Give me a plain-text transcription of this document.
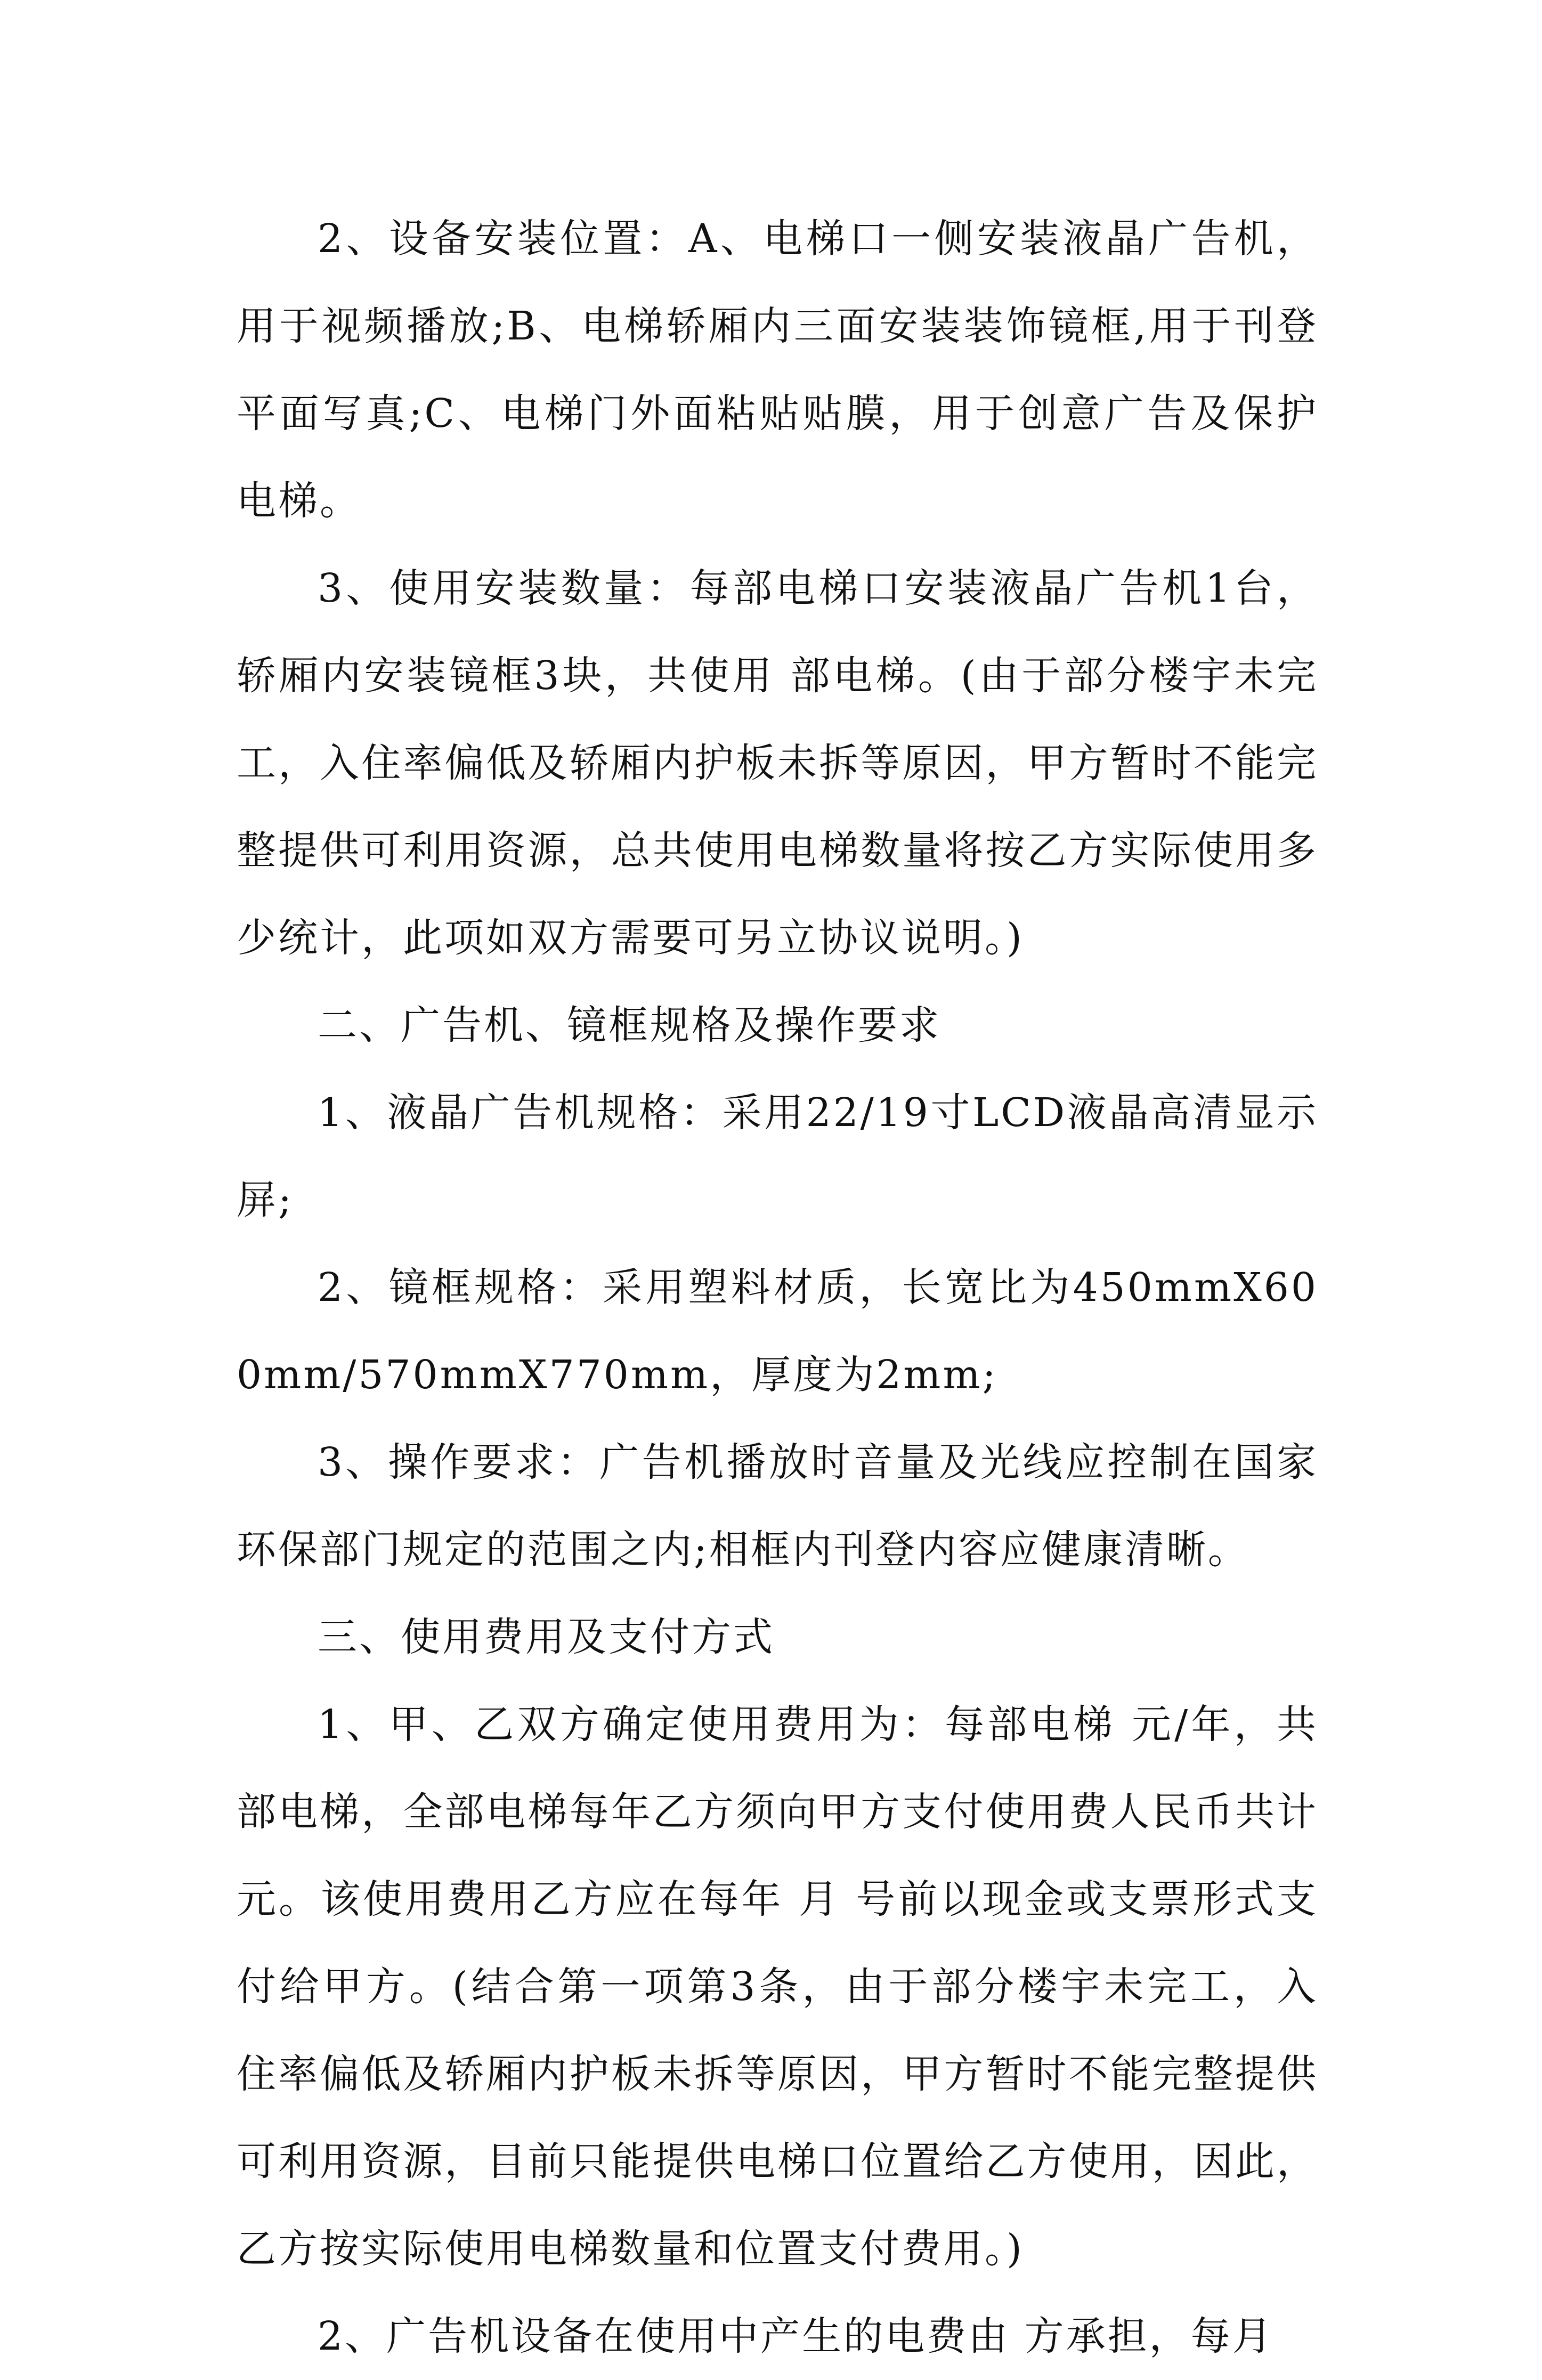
2、设备安装位置：A、电梯口一侧安装液晶广告机，用于视频播放;B、电梯轿厢内三面安装装饰镜框,用于刊登平面写真;C、电梯门外面粘贴贴膜，用于创意广告及保护电梯。

3、使用安装数量：每部电梯口安装液晶广告机1台，轿厢内安装镜框3块，共使用 部电梯。(由于部分楼宇未完工，入住率偏低及轿厢内护板未拆等原因，甲方暂时不能完整提供可利用资源，总共使用电梯数量将按乙方实际使用多少统计，此项如双方需要可另立协议说明。)

二、广告机、镜框规格及操作要求

1、液晶广告机规格：采用22/19寸LCD液晶高清显示屏;

2、镜框规格：采用塑料材质，长宽比为450mmX600mm/570mmX770mm，厚度为2mm;

3、操作要求：广告机播放时音量及光线应控制在国家环保部门规定的范围之内;相框内刊登内容应健康清晰。

三、使用费用及支付方式

1、甲、乙双方确定使用费用为：每部电梯 元/年，共 部电梯，全部电梯每年乙方须向甲方支付使用费人民币共计 元。该使用费用乙方应在每年 月 号前以现金或支票形式支付给甲方。(结合第一项第3条，由于部分楼宇未完工，入住率偏低及轿厢内护板未拆等原因，甲方暂时不能完整提供可利用资源，目前只能提供电梯口位置给乙方使用，因此，乙方按实际使用电梯数量和位置支付费用。)

2、广告机设备在使用中产生的电费由 方承担，每月
